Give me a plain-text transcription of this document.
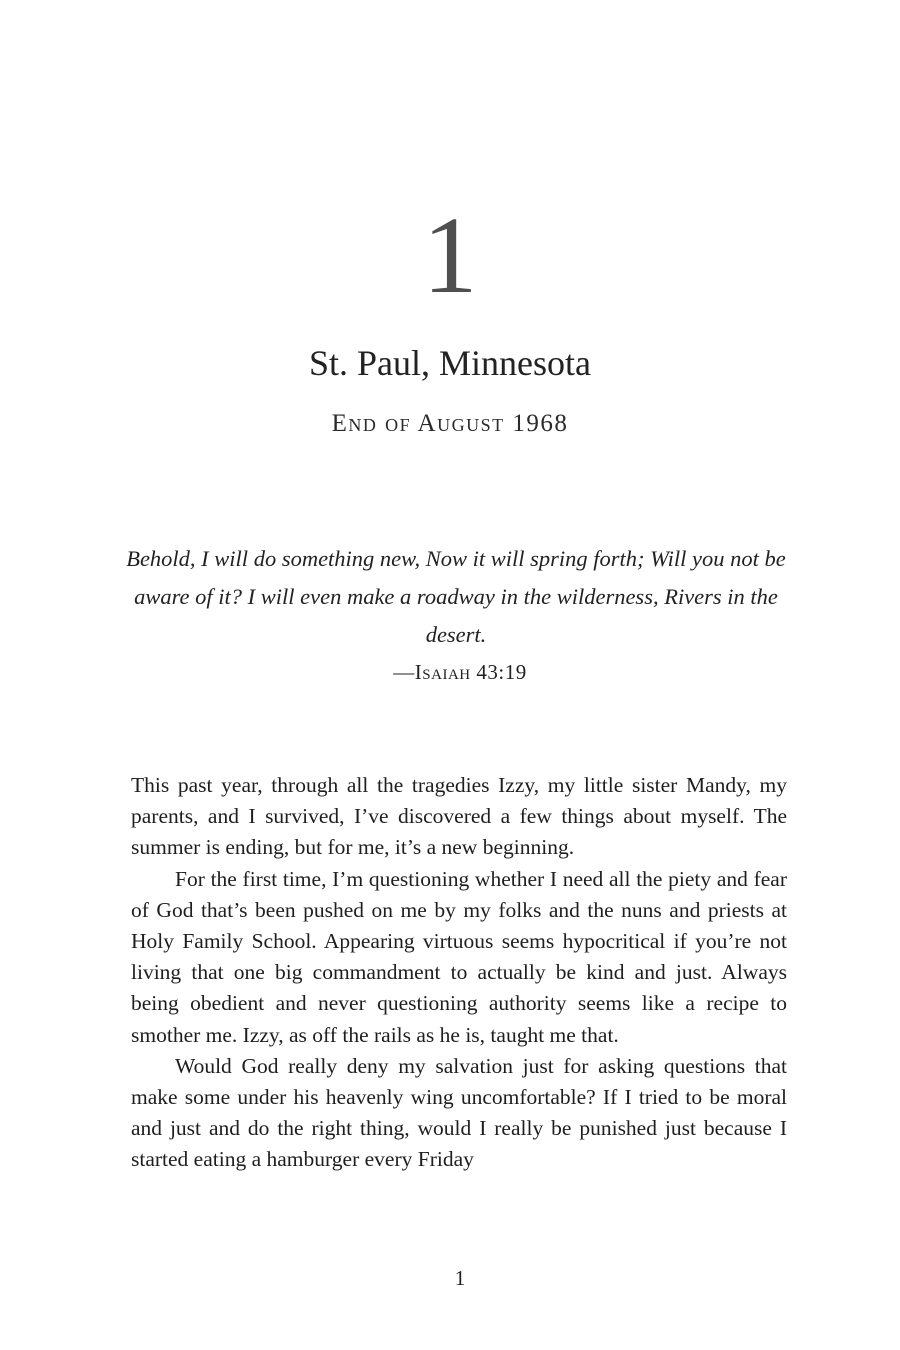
1
St. Paul, Minnesota
End of August 1968

Behold, I will do something new, Now it will spring forth; Will you not be aware of it? I will even make a roadway in the wilderness, Rivers in the desert.

—Isaiah 43:19

This past year, through all the tragedies Izzy, my little sister Mandy, my parents, and I survived, I’ve discovered a few things about myself. The summer is ending, but for me, it’s a new beginning.

For the first time, I’m questioning whether I need all the piety and fear of God that’s been pushed on me by my folks and the nuns and priests at Holy Family School. Appearing virtuous seems hypocritical if you’re not living that one big commandment to actually be kind and just. Always being obedient and never questioning authority seems like a recipe to smother me. Izzy, as off the rails as he is, taught me that.

Would God really deny my salvation just for asking questions that make some under his heavenly wing uncomfortable? If I tried to be moral and just and do the right thing, would I really be punished just because I started eating a hamburger every Friday

1
